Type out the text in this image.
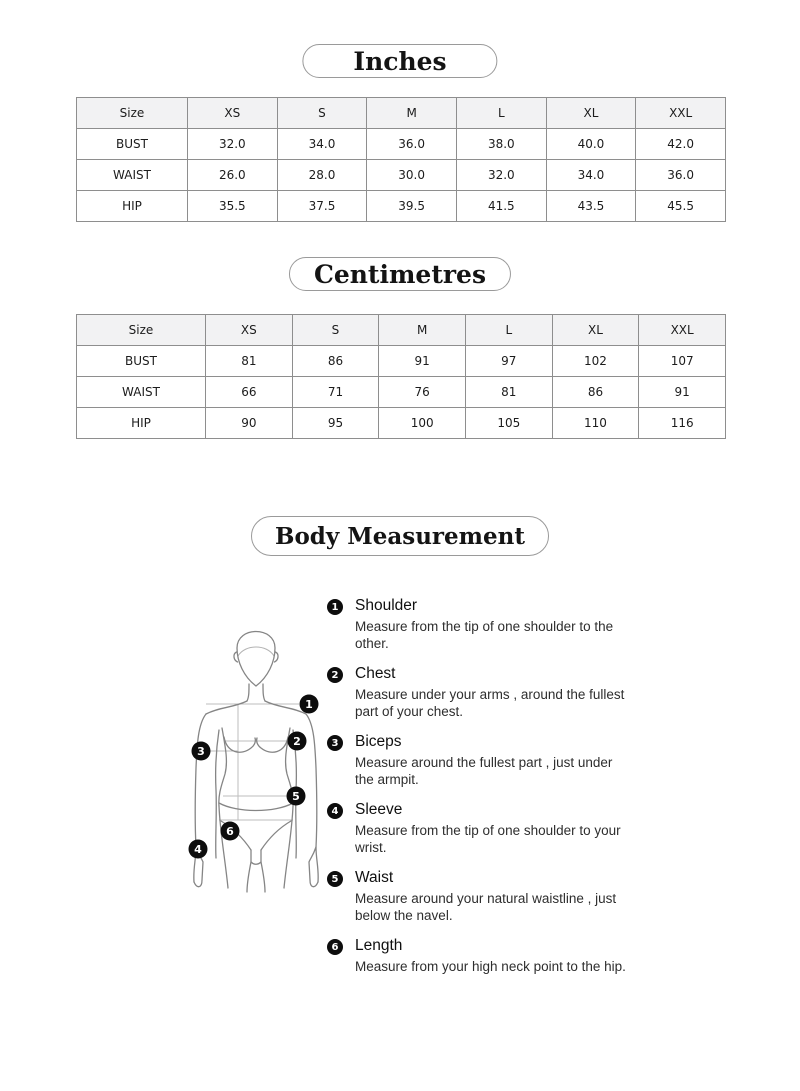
Inches
Size	XS	S	M	L	XL	XXL
BUST	32.0	34.0	36.0	38.0	40.0	42.0
WAIST	26.0	28.0	30.0	32.0	34.0	36.0
HIP	35.5	37.5	39.5	41.5	43.5	45.5
Centimetres
Size	XS	S	M	L	XL	XXL
BUST	81	86	91	97	102	107
WAIST	66	71	76	81	86	91
HIP	90	95	100	105	110	116
Body Measurement
1
2
3
4
5
6
1 Shoulder
Measure from the tip of one shoulder to the other.
2 Chest
Measure under your arms , around the fullest part of your chest.
3 Biceps
Measure around the fullest part , just under the armpit.
4 Sleeve
Measure from the tip of one shoulder to your wrist.
5 Waist
Measure around your natural waistline , just below the navel.
6 Length
Measure from your high neck point to the hip.
